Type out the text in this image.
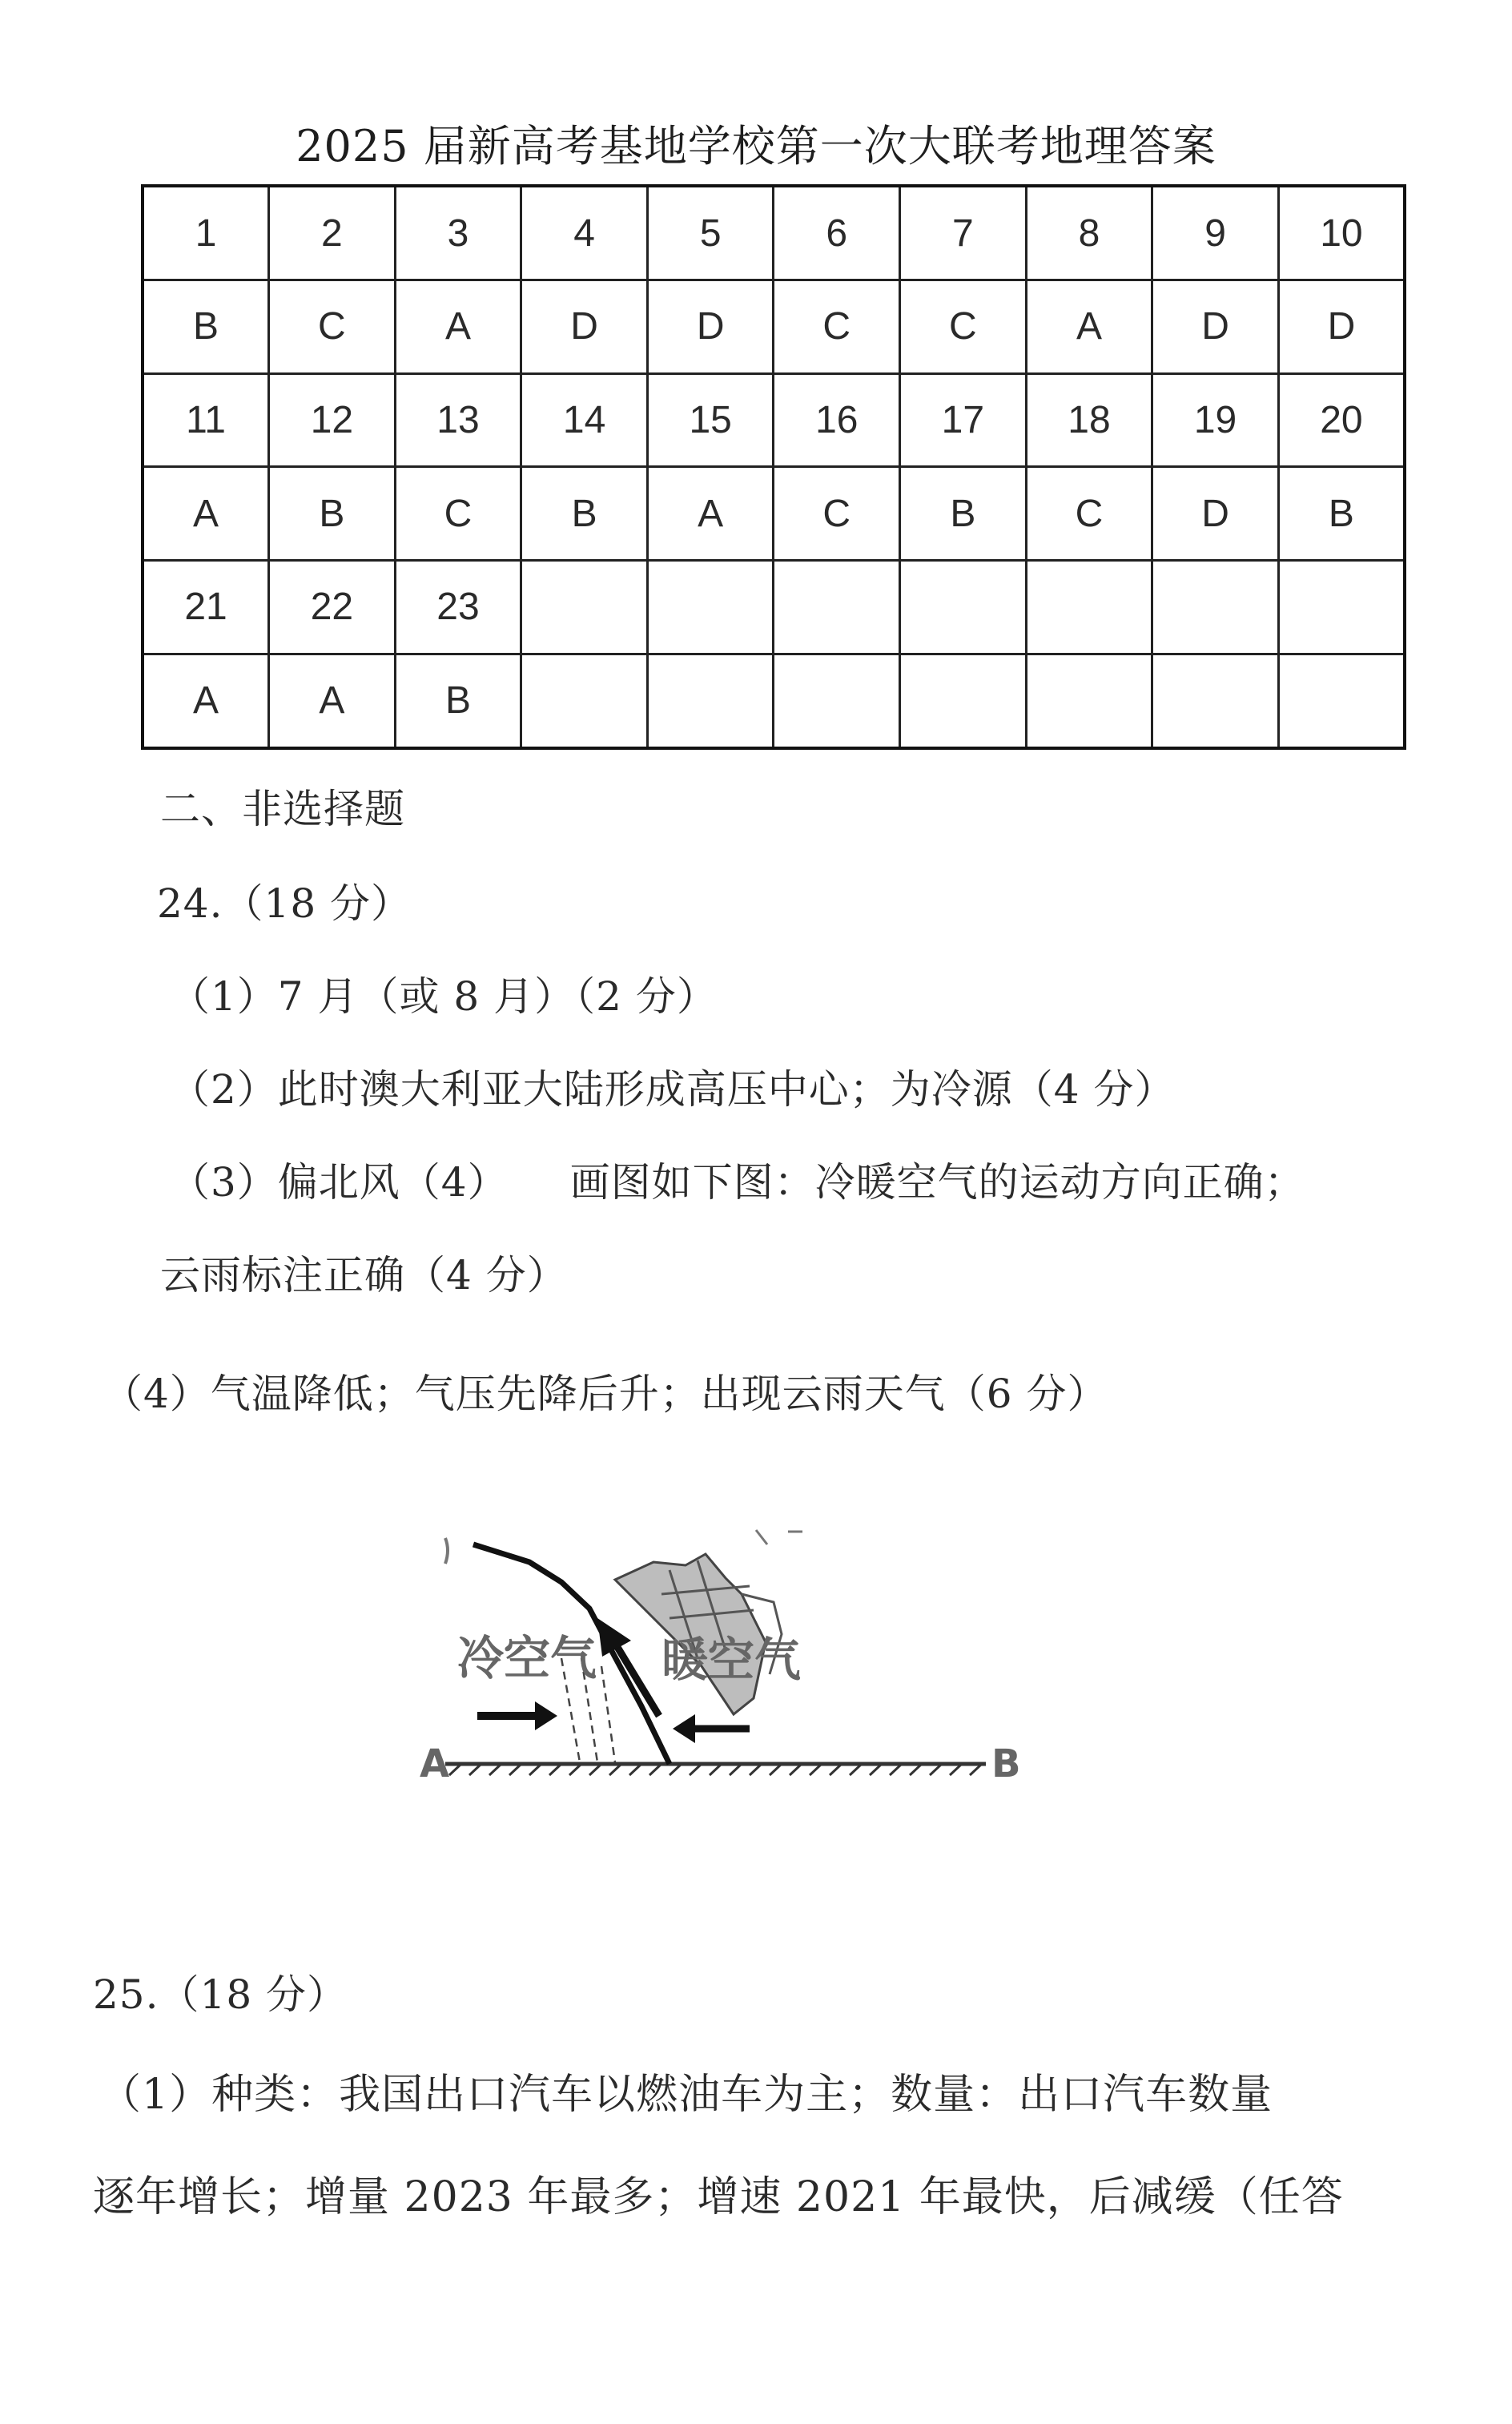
2025 届新高考基地学校第一次大联考地理答案
1	2	3	4	5	6	7	8	9	10
B	C	A	D	D	C	C	A	D	D
11	12	13	14	15	16	17	18	19	20
A	B	C	B	A	C	B	C	D	B
21	22	23							
A	A	B							
二、非选择题
24.（18 分）
（1）7 月（或 8 月）（2 分）
（2）此时澳大利亚大陆形成高压中心；为冷源（4 分）
（3）偏北风（4）　　画图如下图：冷暖空气的运动方向正确；
云雨标注正确（4 分）
（4）气温降低；气压先降后升；出现云雨天气（6 分）
冷空气 暖空气
A	B
25.（18 分）
（1）种类：我国出口汽车以燃油车为主；数量：出口汽车数量
逐年增长；增量 2023 年最多；增速 2021 年最快，后减缓（任答
